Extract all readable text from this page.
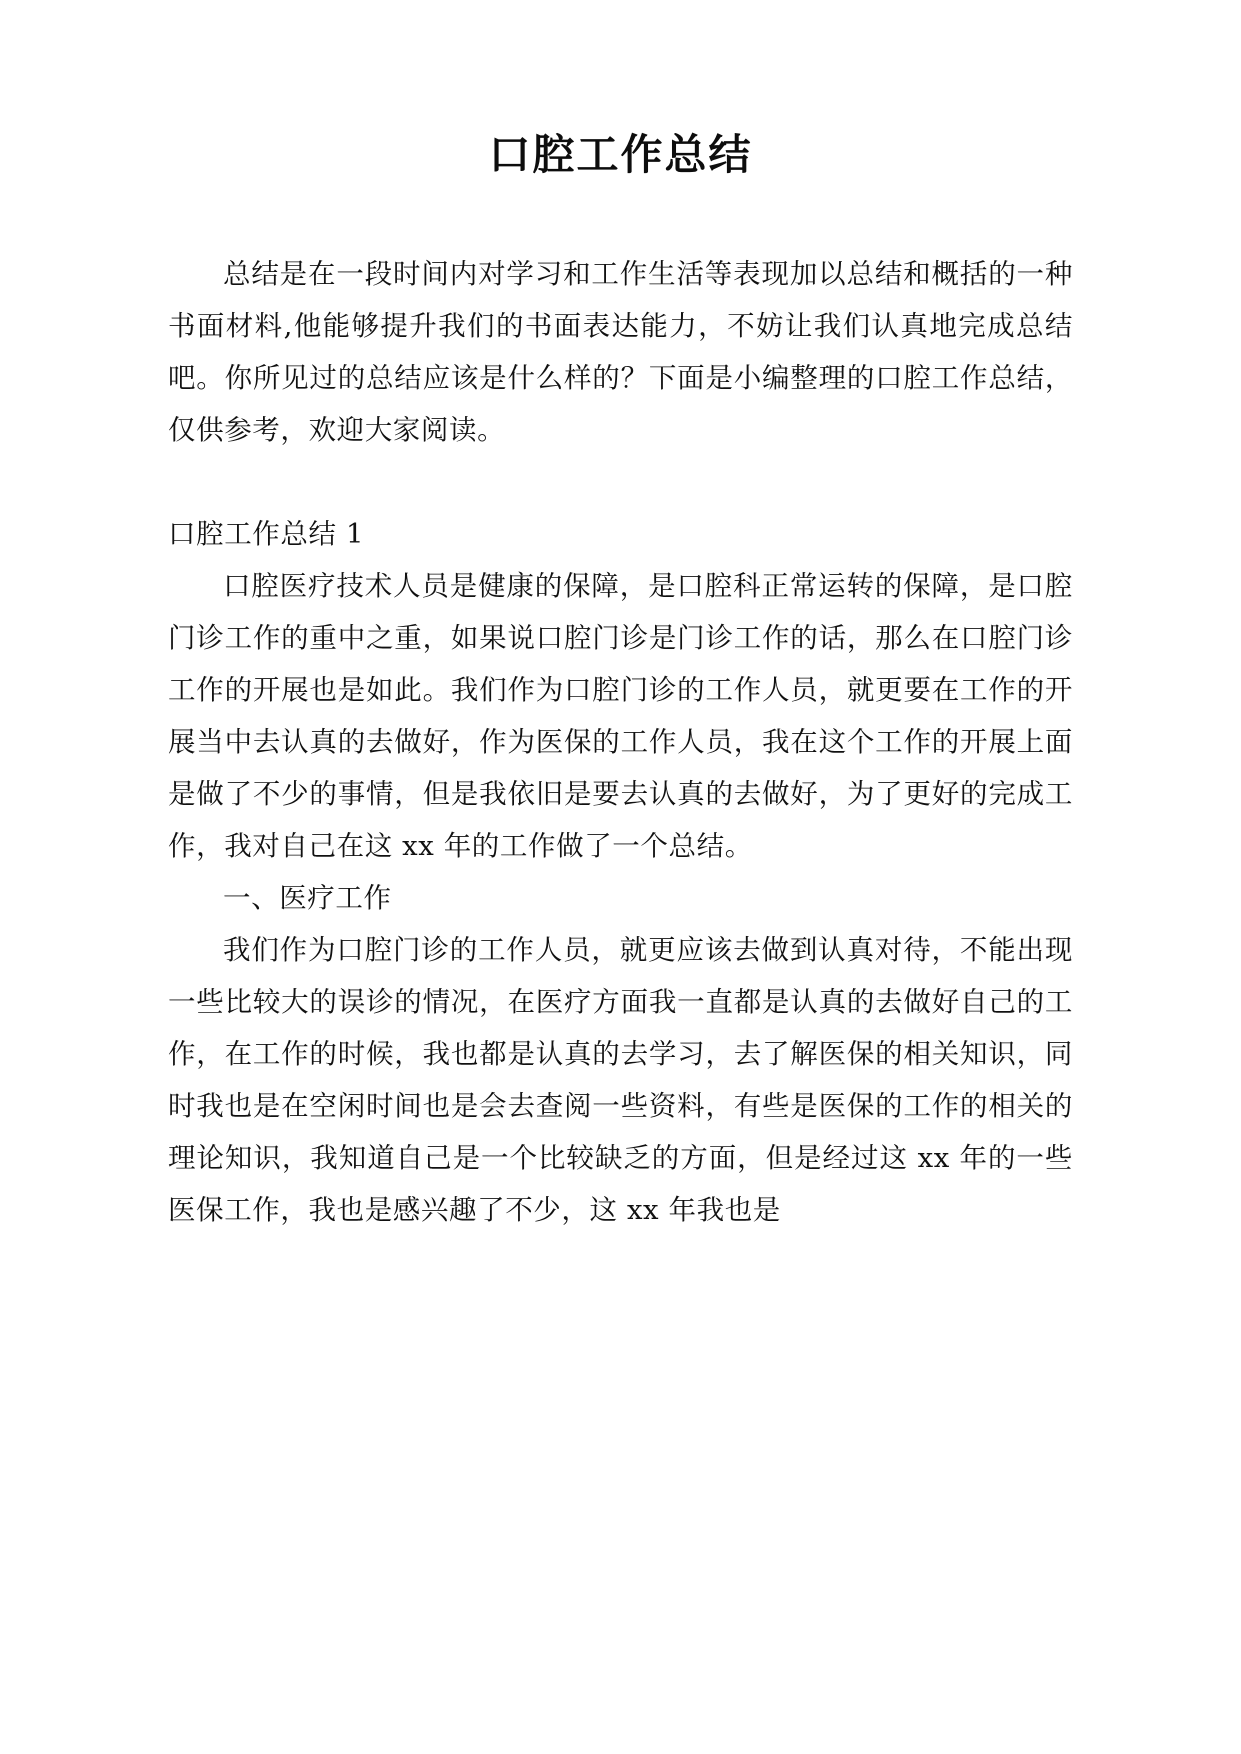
口腔工作总结

总结是在一段时间内对学习和工作生活等表现加以总结和概括的一种书面材料,他能够提升我们的书面表达能力，不妨让我们认真地完成总结吧。你所见过的总结应该是什么样的？下面是小编整理的口腔工作总结，仅供参考，欢迎大家阅读。

口腔工作总结 1

口腔医疗技术人员是健康的保障，是口腔科正常运转的保障，是口腔门诊工作的重中之重，如果说口腔门诊是门诊工作的话，那么在口腔门诊工作的开展也是如此。我们作为口腔门诊的工作人员，就更要在工作的开展当中去认真的去做好，作为医保的工作人员，我在这个工作的开展上面是做了不少的事情，但是我依旧是要去认真的去做好，为了更好的完成工作，我对自己在这 xx 年的工作做了一个总结。

一、医疗工作

我们作为口腔门诊的工作人员，就更应该去做到认真对待，不能出现一些比较大的误诊的情况，在医疗方面我一直都是认真的去做好自己的工作，在工作的时候，我也都是认真的去学习，去了解医保的相关知识，同时我也是在空闲时间也是会去查阅一些资料，有些是医保的工作的相关的理论知识，我知道自己是一个比较缺乏的方面，但是经过这 xx 年的一些医保工作，我也是感兴趣了不少，这 xx 年我也是
